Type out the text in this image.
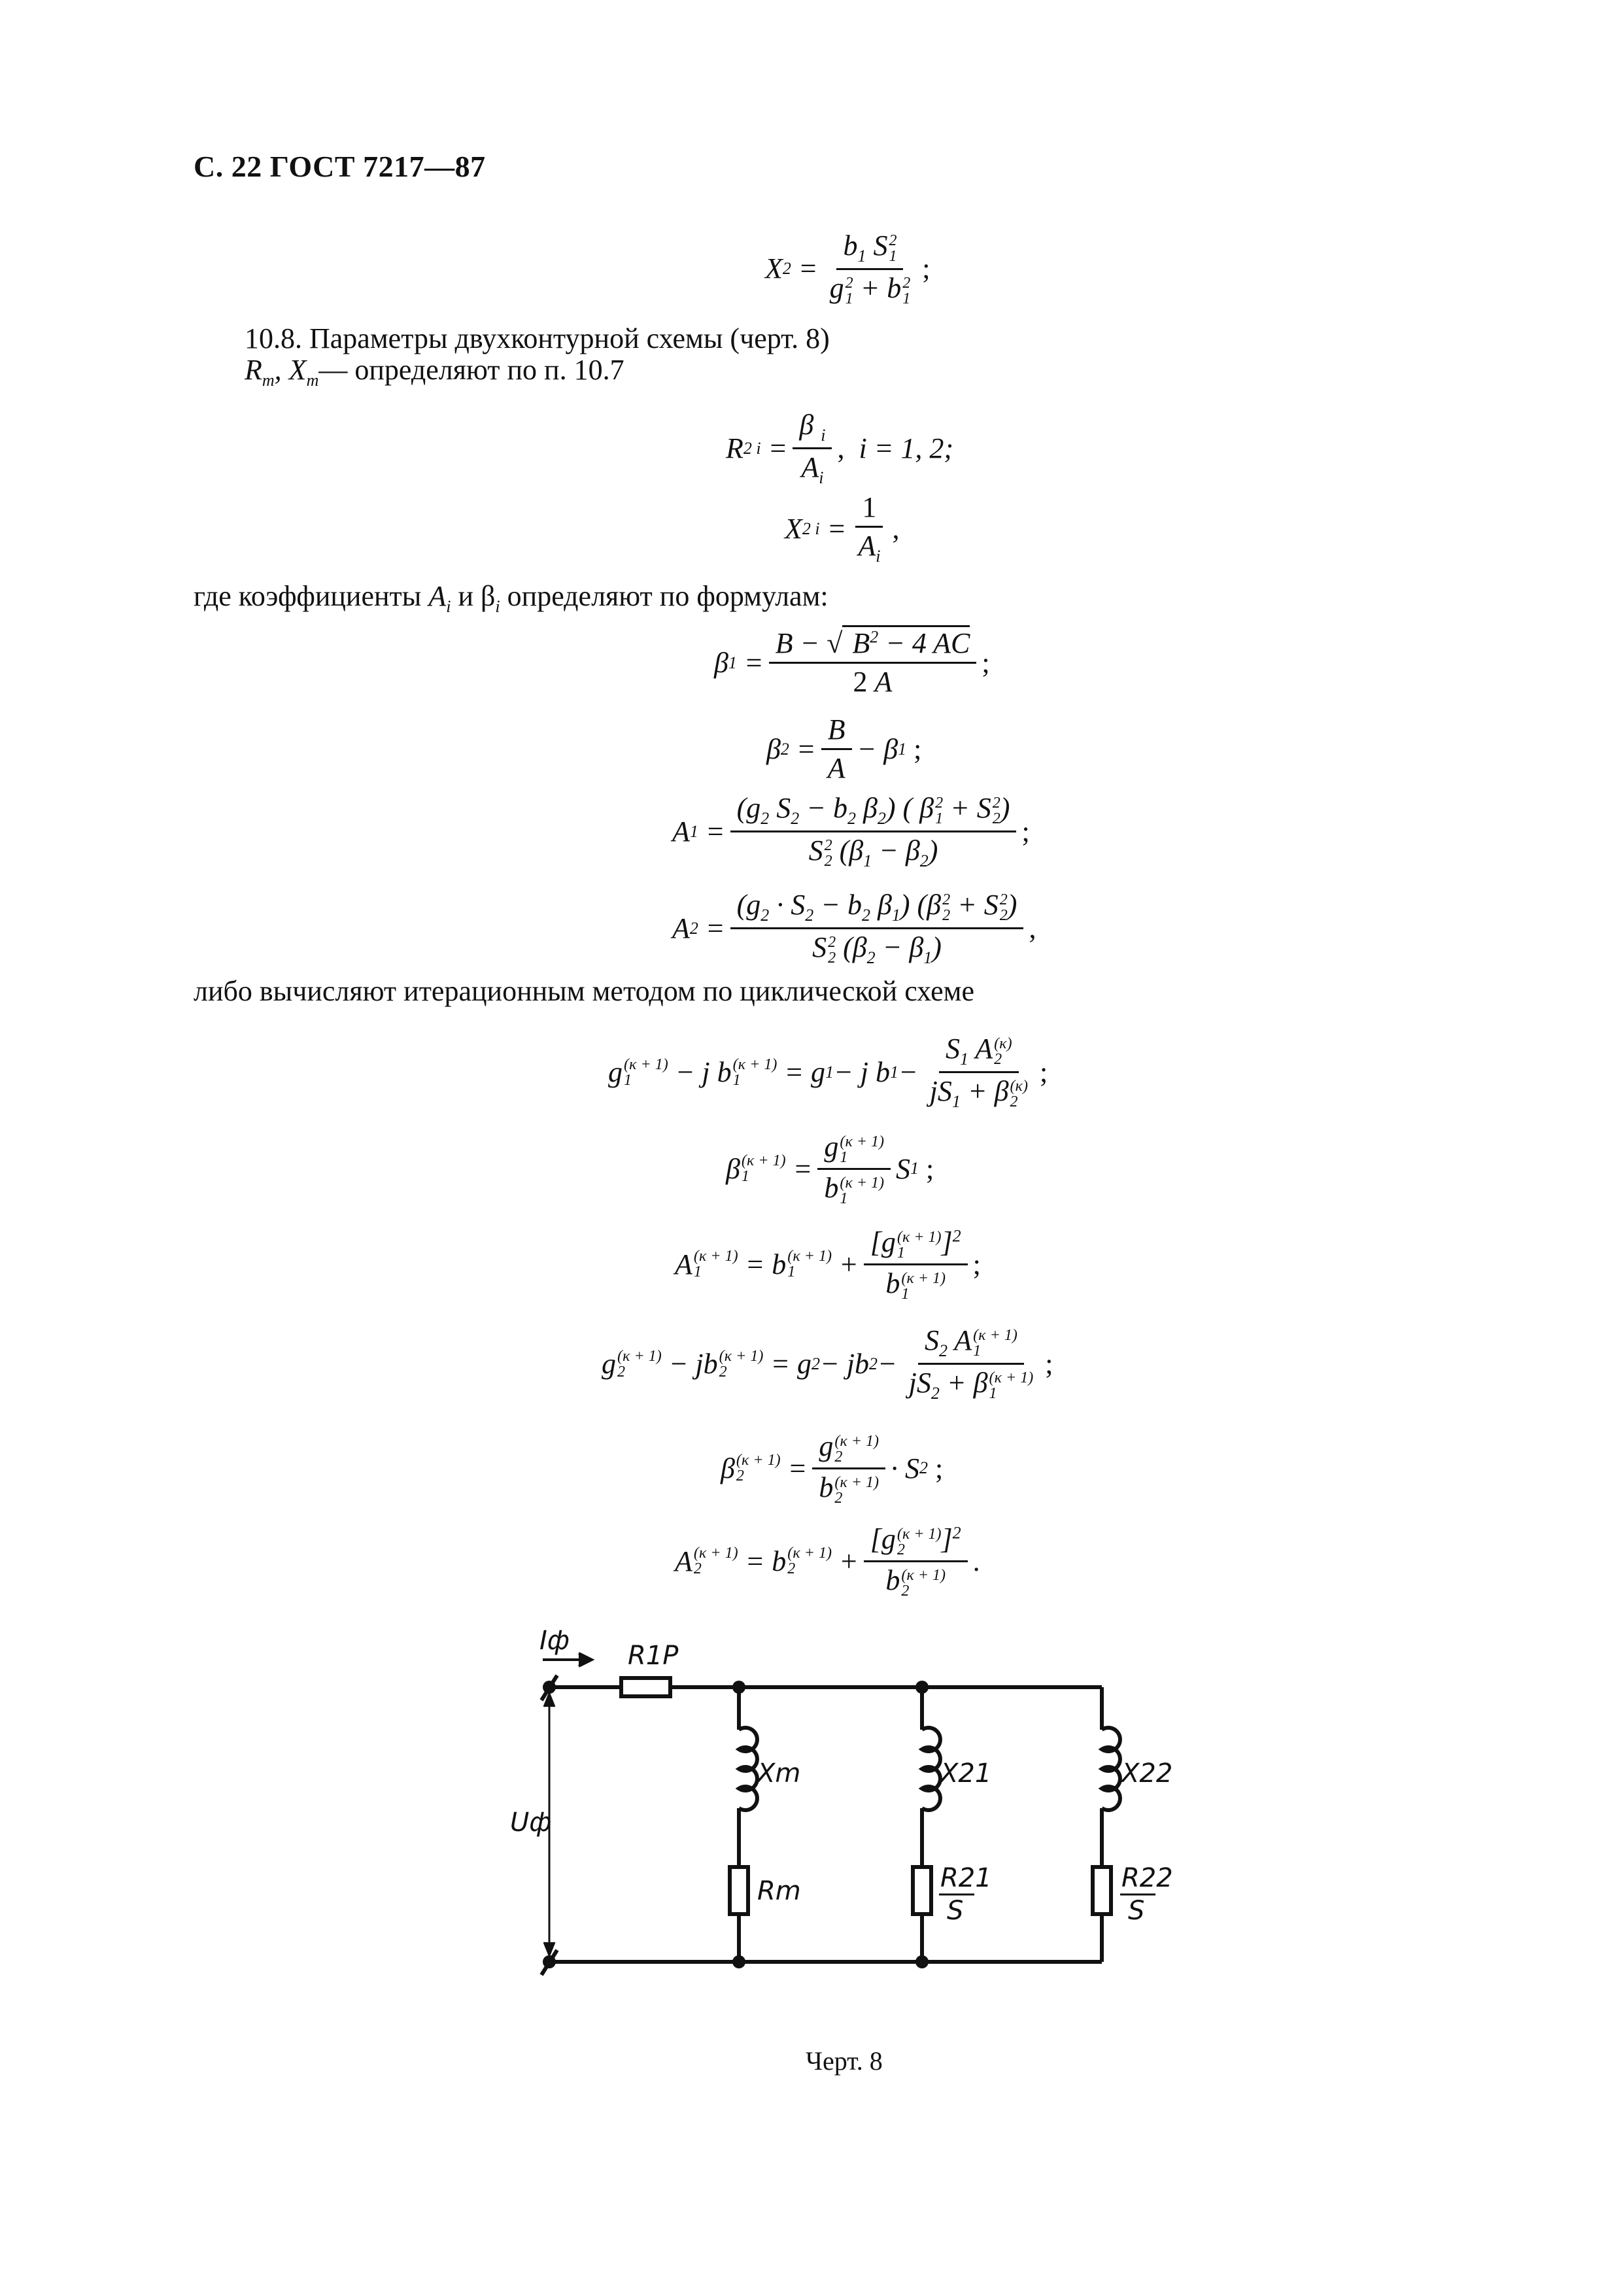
С. 22 ГОСТ 7217—87
X $2 = b_1$ S 2
1
g 2
1 + b 2
1 ;
10.8. Параметры двухконтурной схемы (черт. 8)
$R_m$, $X_m—$ определяют по п. 10.7
R 2 $i = \frac{\beta _i}{A_i}$ , i = 1, 2;
X 2 $i = \frac{1}{A_i}$ ,
где коэффициенты $A_i$ и $\beta_i$ определяют по формулам:
β $1 = \frac{B - √ B^2 - 4 AC}{2 A}$ ;
β $2 = \frac{B}{A} - \beta$ 1
;
A $1 = (g_2$ $S_2 - b_2$ $\beta_2$) ( β 2
1 + S 2
2 )
S 2
2 $(\beta_1 - \beta_2)$ ;
A $2 = (g_2 \cdot S_2 - b_2$ $\beta_1$) (β 2
2 + S 2
2 )
S 2
2 $(\beta_2 - \beta_1)$ ,
либо вычисляют итерационным методом по циклической схеме
g (κ + 1)
1	− j b (κ + 1)
1	= g 1 − j b $1 - S_1$ A (κ)
2
$jS_1 + \beta$ (κ)
2 ;
β (κ + 1)
1	= g (κ + 1)
1
b (κ + 1)
1 S 1
;
A (κ + 1)
1	= b (κ + 1)
1	+ [g (κ + 1)
1	]$^2$
b (κ + 1)
1 ;
g (κ + 1)
2	− jb (κ + 1)
2	= g 2 − jb $2 - S_2$ A (κ + 1)
1
$jS_2 + \beta$ (κ + 1)
1 ;
β (κ + 1)
2	= g (κ + 1)
2
b (κ + 1)
2 · S 2
;
A (κ + 1)
2	= b (κ + 1)
2	+ [g (κ + 1)
2	]$^2$
b (κ + 1)
2 .
Iф R1P
Uф
Xm
Rm
X21
R21
S
X22
R22
S
Черт. 8
